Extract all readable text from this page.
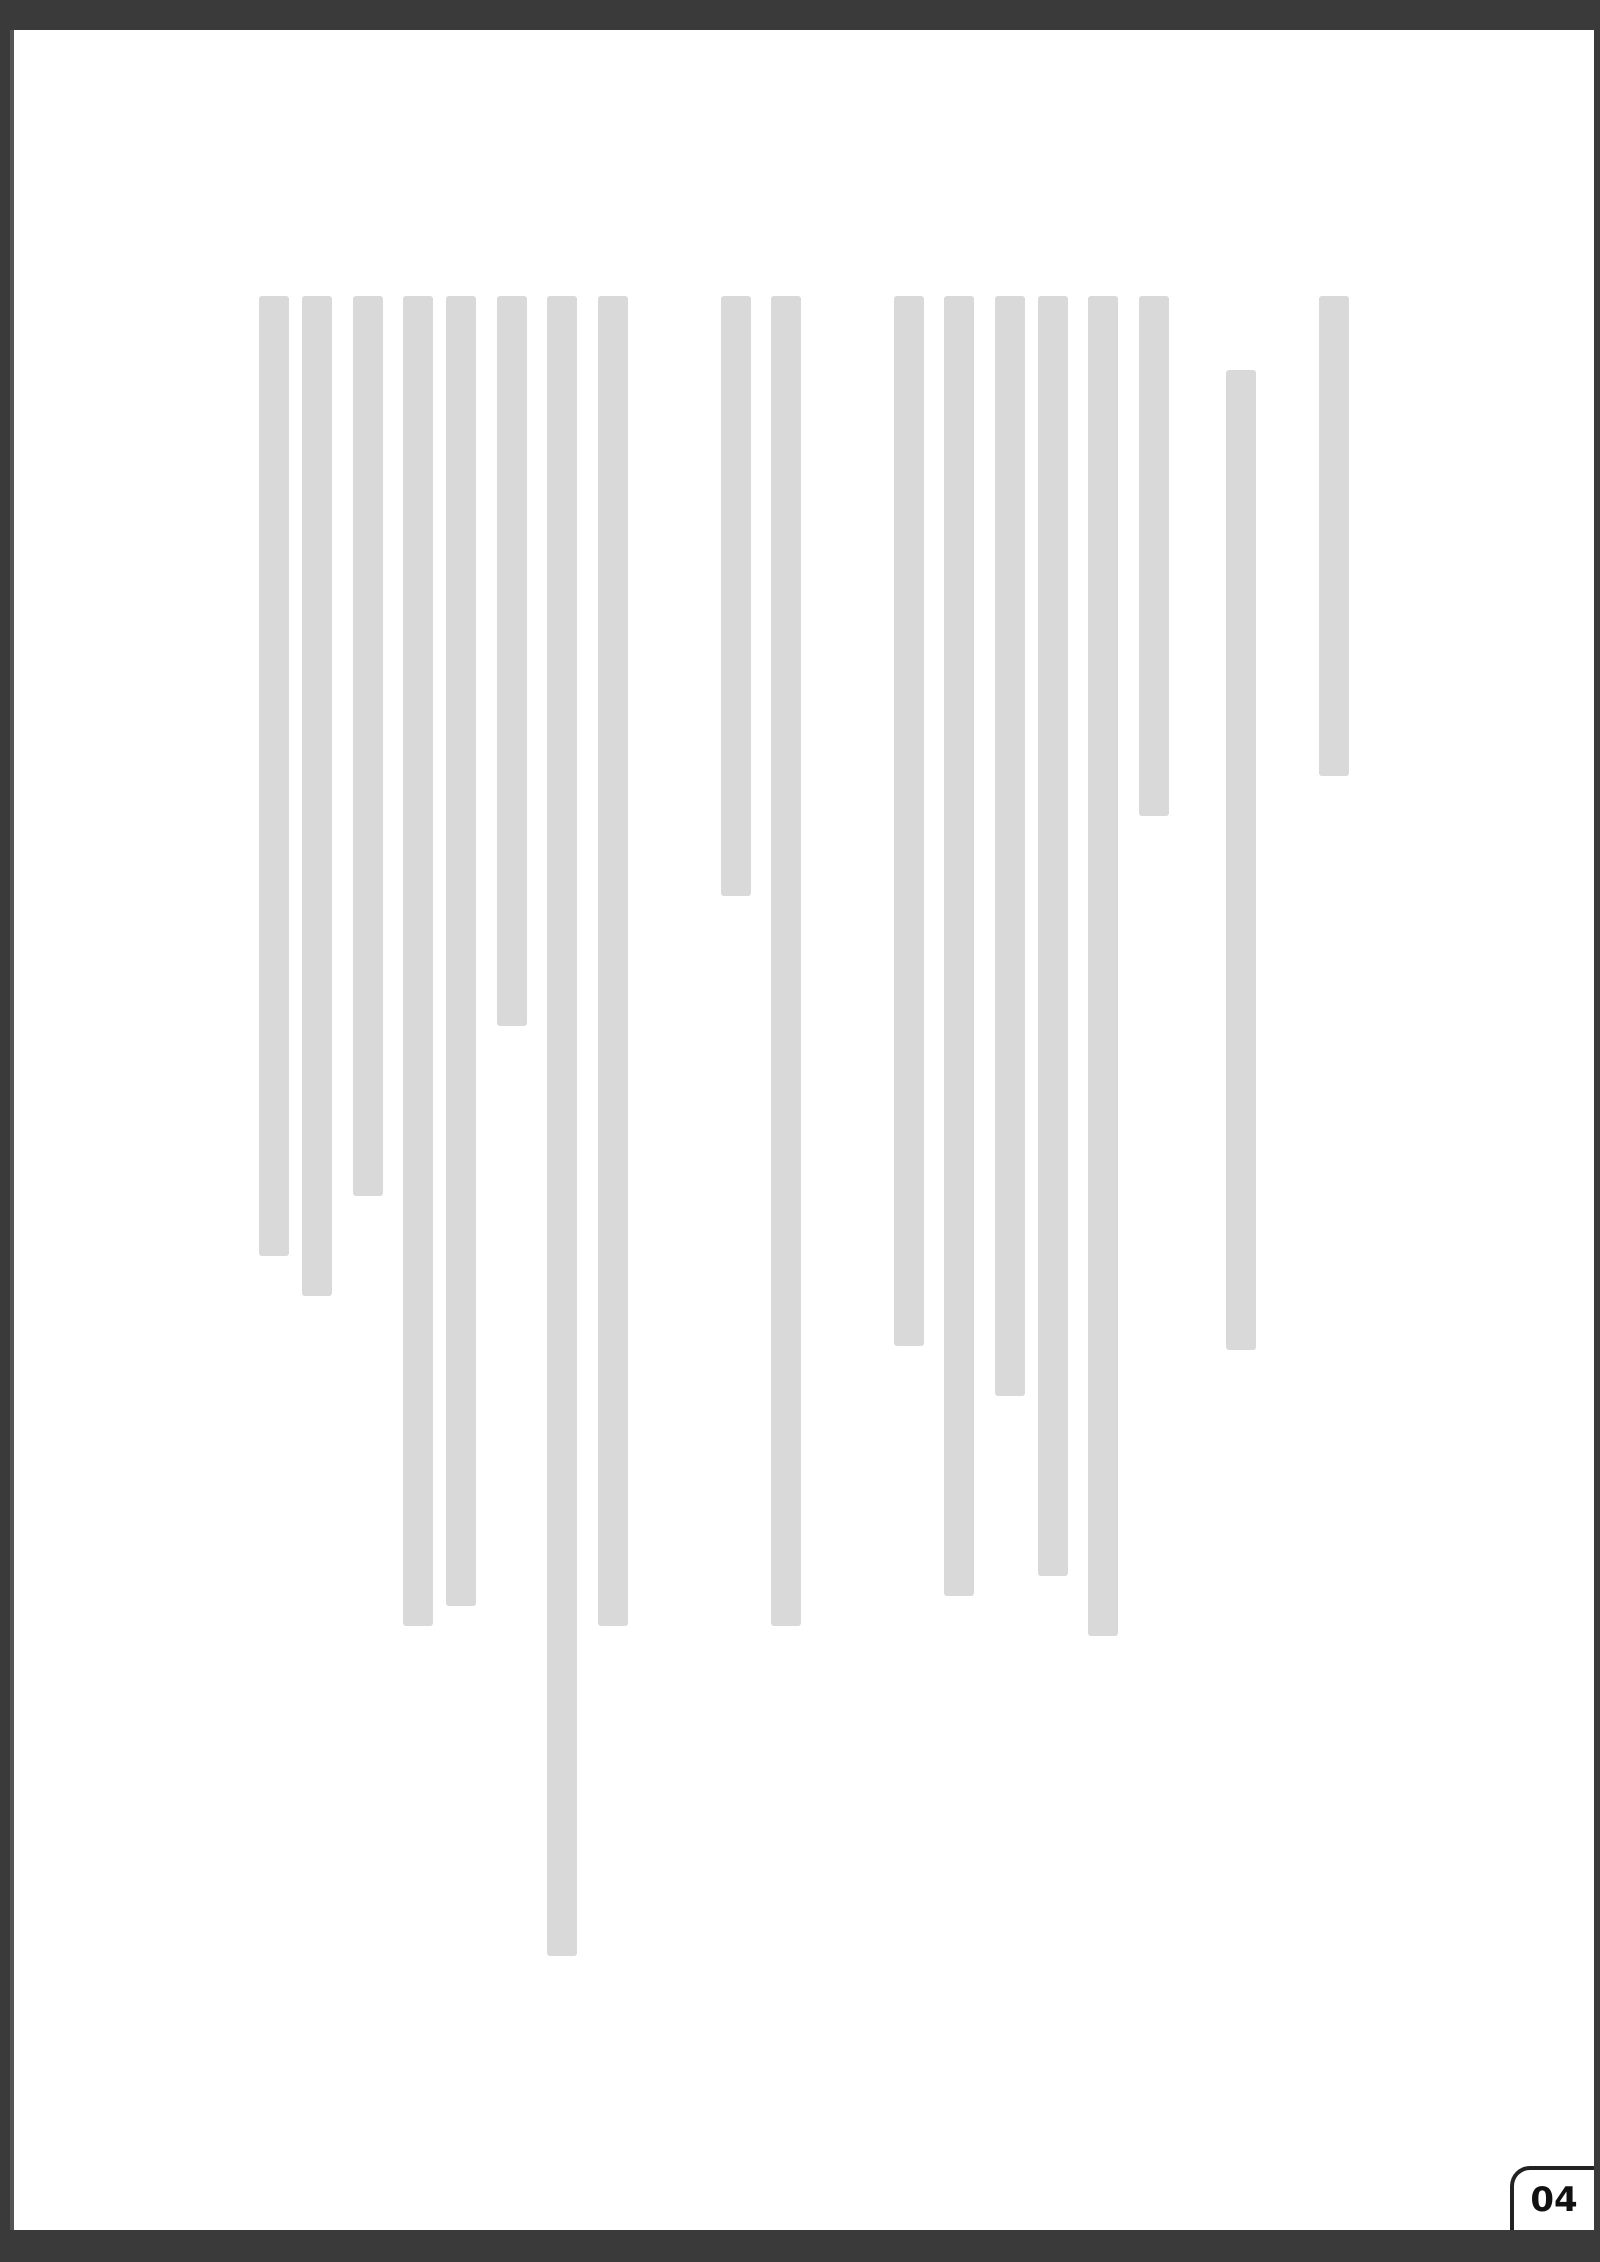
04
